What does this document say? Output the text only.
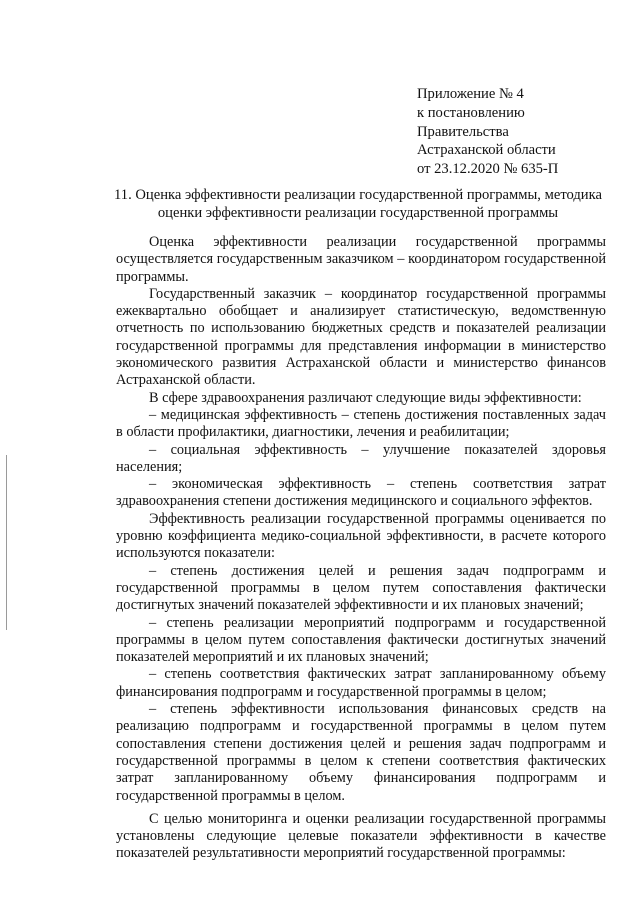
Приложение № 4
к постановлению
Правительства
Астраханской области
от 23.12.2020 № 635-П
11. Оценка эффективности реализации государственной программы, методика оценки эффективности реализации государственной программы

Оценка эффективности реализации государственной программы осуществляется государственным заказчиком – координатором государственной программы.

Государственный заказчик – координатор государственной программы ежеквартально обобщает и анализирует статистическую, ведомственную отчетность по использованию бюджетных средств и показателей реализации государственной программы для представления информации в министерство экономического развития Астраханской области и министерство финансов Астраханской области.

В сфере здравоохранения различают следующие виды эффективности:

– медицинская эффективность – степень достижения поставленных задач в области профилактики, диагностики, лечения и реабилитации;

– социальная эффективность – улучшение показателей здоровья населения;

– экономическая эффективность – степень соответствия затрат здравоохранения степени достижения медицинского и социального эффектов.

Эффективность реализации государственной программы оценивается по уровню коэффициента медико-социальной эффективности, в расчете которого используются показатели:

– степень достижения целей и решения задач подпрограмм и государственной программы в целом путем сопоставления фактически достигнутых значений показателей эффективности и их плановых значений;

– степень реализации мероприятий подпрограмм и государственной программы в целом путем сопоставления фактически достигнутых значений показателей мероприятий и их плановых значений;

– степень соответствия фактических затрат запланированному объему финансирования подпрограмм и государственной программы в целом;

– степень эффективности использования финансовых средств на реализацию подпрограмм и государственной программы в целом путем сопоставления степени достижения целей и решения задач подпрограмм и государственной программы в целом к степени соответствия фактических затрат запланированному объему финансирования подпрограмм и государственной программы в целом.

С целью мониторинга и оценки реализации государственной программы установлены следующие целевые показатели эффективности в качестве показателей результативности мероприятий государственной программы:
